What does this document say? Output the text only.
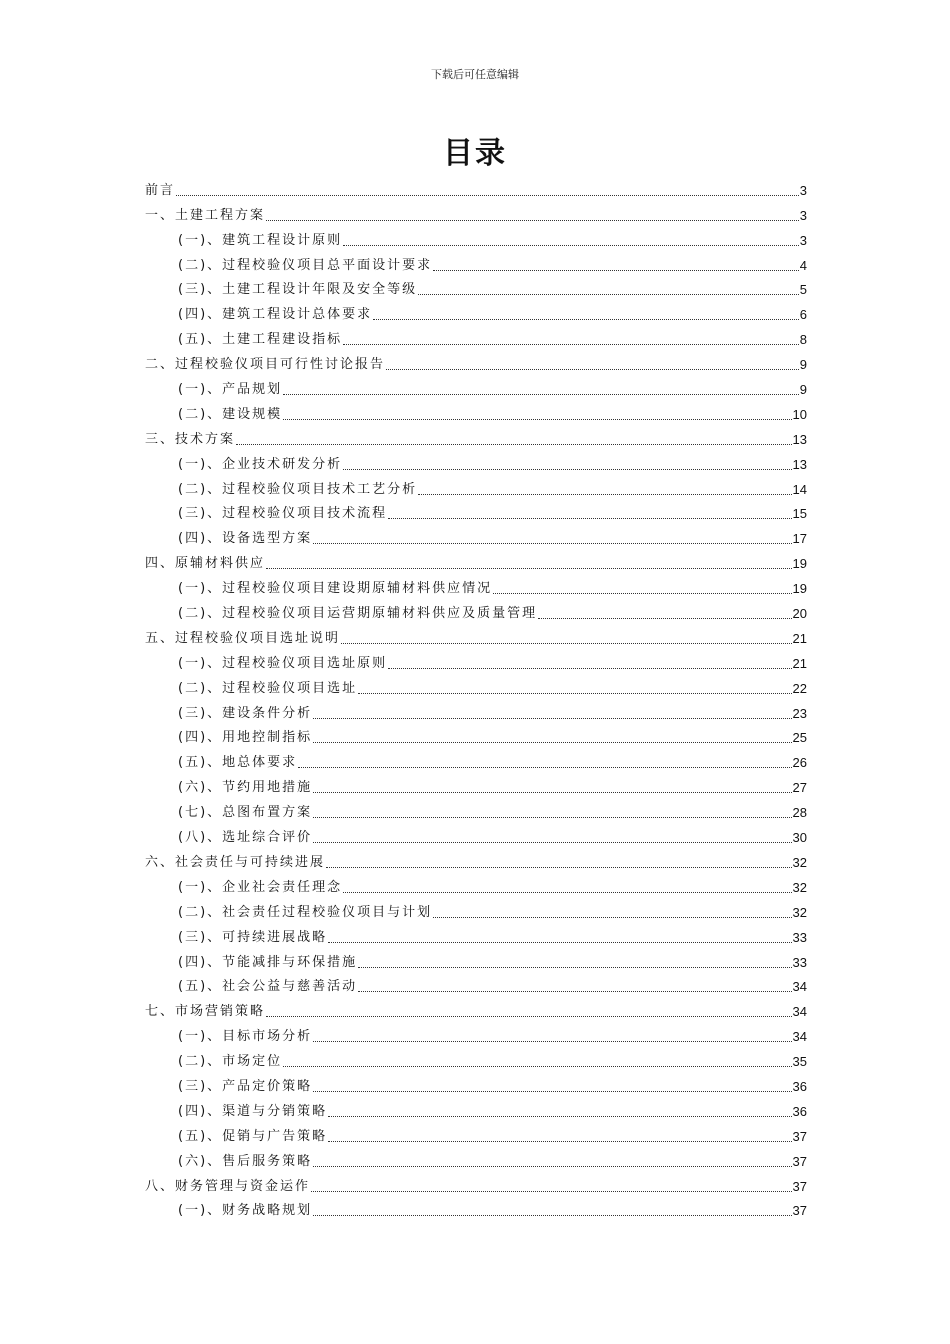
下载后可任意编辑
目录
前言	3
一、土建工程方案	3
(一)、建筑工程设计原则	3
(二)、过程校验仪项目总平面设计要求	4
(三)、土建工程设计年限及安全等级	5
(四)、建筑工程设计总体要求	6
(五)、土建工程建设指标	8
二、过程校验仪项目可行性讨论报告	9
(一)、产品规划	9
(二)、建设规模	10
三、技术方案	13
(一)、企业技术研发分析	13
(二)、过程校验仪项目技术工艺分析	14
(三)、过程校验仪项目技术流程	15
(四)、设备选型方案	17
四、原辅材料供应	19
(一)、过程校验仪项目建设期原辅材料供应情况	19
(二)、过程校验仪项目运营期原辅材料供应及质量管理	20
五、过程校验仪项目选址说明	21
(一)、过程校验仪项目选址原则	21
(二)、过程校验仪项目选址	22
(三)、建设条件分析	23
(四)、用地控制指标	25
(五)、地总体要求	26
(六)、节约用地措施	27
(七)、总图布置方案	28
(八)、选址综合评价	30
六、社会责任与可持续进展	32
(一)、企业社会责任理念	32
(二)、社会责任过程校验仪项目与计划	32
(三)、可持续进展战略	33
(四)、节能减排与环保措施	33
(五)、社会公益与慈善活动	34
七、市场营销策略	34
(一)、目标市场分析	34
(二)、市场定位	35
(三)、产品定价策略	36
(四)、渠道与分销策略	36
(五)、促销与广告策略	37
(六)、售后服务策略	37
八、财务管理与资金运作	37
(一)、财务战略规划	37
